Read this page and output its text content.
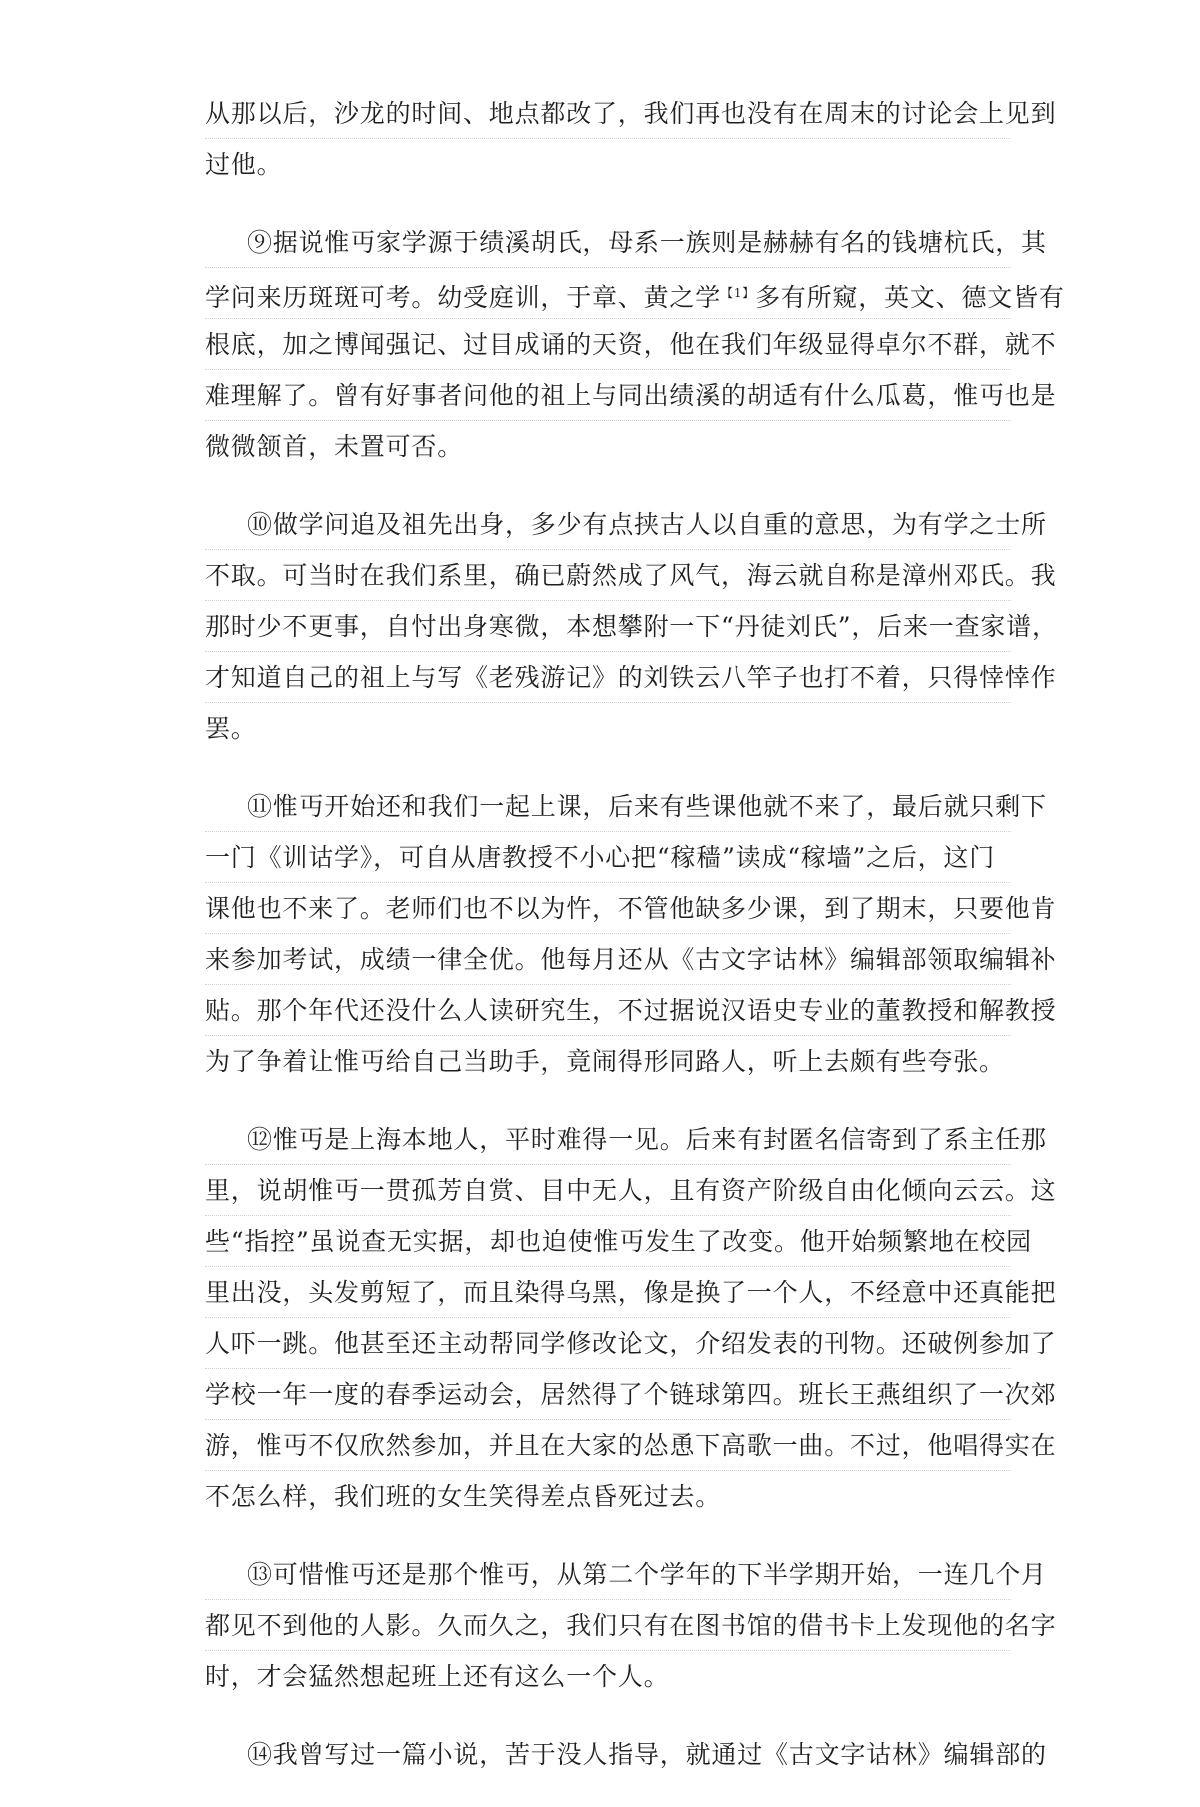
从那以后，沙龙的时间、地点都改了，我们再也没有在周末的讨论会上见到
过他。
⑨据说惟丏家学源于绩溪胡氏，母系一族则是赫赫有名的钱塘杭氏，其
学问来历斑斑可考。幼受庭训，于章、黄之学$^{【1】}$多有所窥，英文、德文皆有
根底，加之博闻强记、过目成诵的天资，他在我们年级显得卓尔不群，就不
难理解了。曾有好事者问他的祖上与同出绩溪的胡适有什么瓜葛，惟丏也是
微微颔首，未置可否。
⑩做学问追及祖先出身，多少有点挟古人以自重的意思，为有学之士所
不取。可当时在我们系里，确已蔚然成了风气，海云就自称是漳州邓氏。我
那时少不更事，自忖出身寒微，本想攀附一下“丹徒刘氏”，后来一查家谱，
才知道自己的祖上与写《老残游记》的刘铁云八竿子也打不着，只得悻悻作
罢。
⑪惟丏开始还和我们一起上课，后来有些课他就不来了，最后就只剩下
一门《训诂学》，可自从唐教授不小心把“稼穑”读成“稼墙”之后，这门
课他也不来了。老师们也不以为忤，不管他缺多少课，到了期末，只要他肯
来参加考试，成绩一律全优。他每月还从《古文字诂林》编辑部领取编辑补
贴。那个年代还没什么人读研究生，不过据说汉语史专业的董教授和解教授
为了争着让惟丏给自己当助手，竟闹得形同路人，听上去颇有些夸张。
⑫惟丏是上海本地人，平时难得一见。后来有封匿名信寄到了系主任那
里，说胡惟丏一贯孤芳自赏、目中无人，且有资产阶级自由化倾向云云。这
些“指控”虽说查无实据，却也迫使惟丏发生了改变。他开始频繁地在校园
里出没，头发剪短了，而且染得乌黑，像是换了一个人，不经意中还真能把
人吓一跳。他甚至还主动帮同学修改论文，介绍发表的刊物。还破例参加了
学校一年一度的春季运动会，居然得了个链球第四。班长王燕组织了一次郊
游，惟丏不仅欣然参加，并且在大家的怂恿下高歌一曲。不过，他唱得实在
不怎么样，我们班的女生笑得差点昏死过去。
⑬可惜惟丏还是那个惟丏，从第二个学年的下半学期开始，一连几个月
都见不到他的人影。久而久之，我们只有在图书馆的借书卡上发现他的名字
时，才会猛然想起班上还有这么一个人。
⑭我曾写过一篇小说，苦于没人指导，就通过《古文字诂林》编辑部的
